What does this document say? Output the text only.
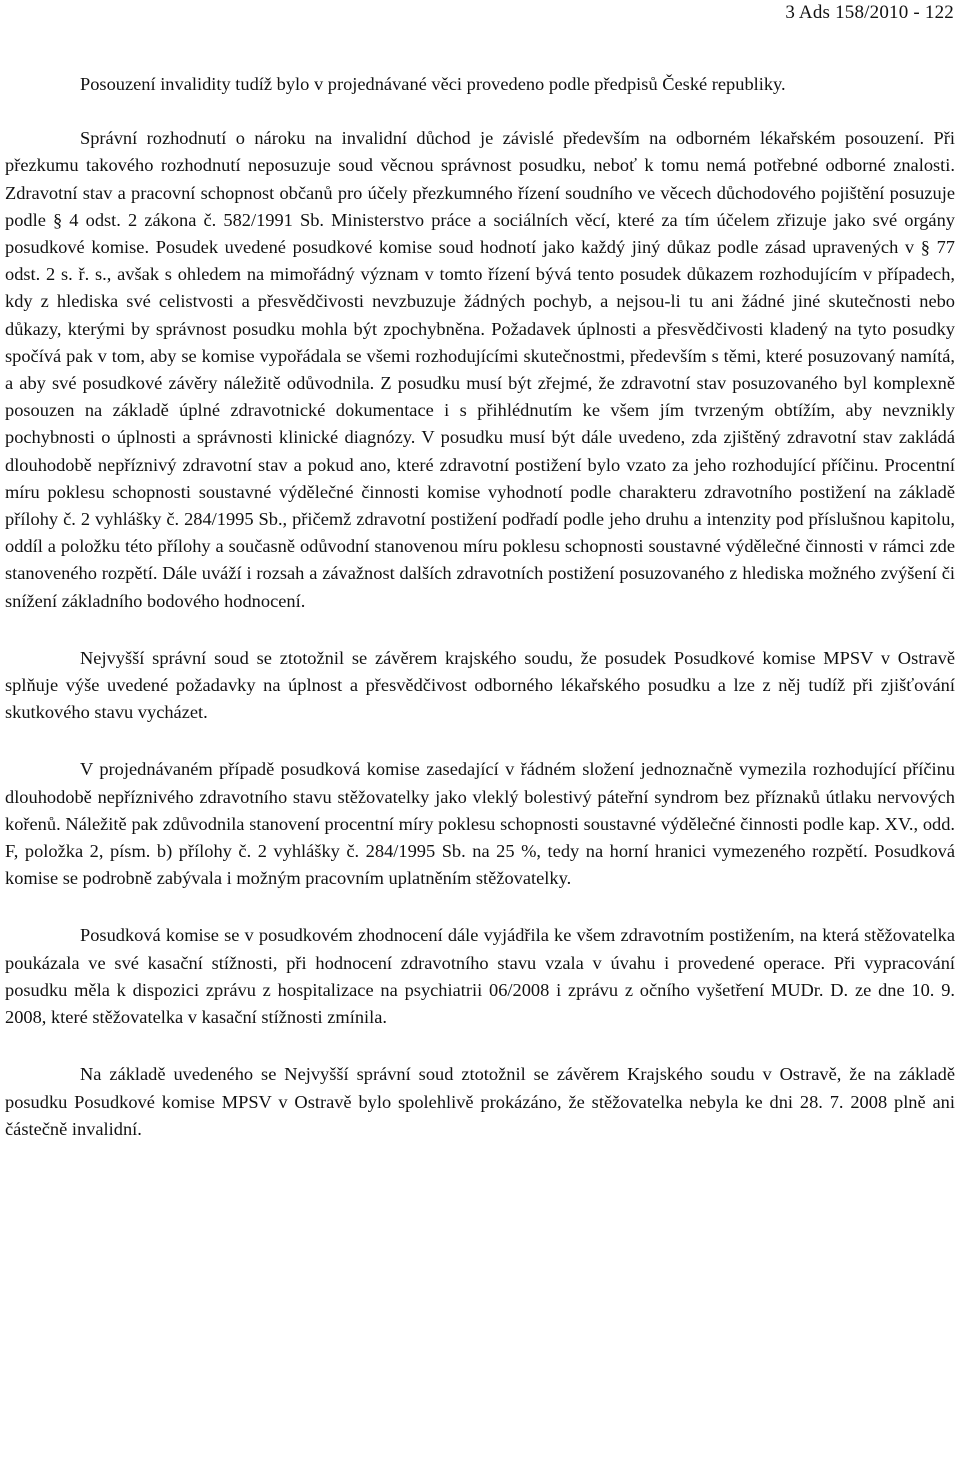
3 Ads 158/2010 - 122

Posouzení invalidity tudíž bylo v projednávané věci provedeno podle předpisů České republiky.

Správní rozhodnutí o nároku na invalidní důchod je závislé především na odborném lékařském posouzení. Při přezkumu takového rozhodnutí neposuzuje soud věcnou správnost posudku, neboť k tomu nemá potřebné odborné znalosti. Zdravotní stav a pracovní schopnost občanů pro účely přezkumného řízení soudního ve věcech důchodového pojištění posuzuje podle § 4 odst. 2 zákona č. 582/1991 Sb. Ministerstvo práce a sociálních věcí, které za tím účelem zřizuje jako své orgány posudkové komise. Posudek uvedené posudkové komise soud hodnotí jako každý jiný důkaz podle zásad upravených v § 77 odst. 2 s. ř. s., avšak s ohledem na mimořádný význam v tomto řízení bývá tento posudek důkazem rozhodujícím v případech, kdy z hlediska své celistvosti a přesvědčivosti nevzbuzuje žádných pochyb, a nejsou-li tu ani žádné jiné skutečnosti nebo důkazy, kterými by správnost posudku mohla být zpochybněna. Požadavek úplnosti a přesvědčivosti kladený na tyto posudky spočívá pak v tom, aby se komise vypořádala se všemi rozhodujícími skutečnostmi, především s těmi, které posuzovaný namítá, a aby své posudkové závěry náležitě odůvodnila. Z posudku musí být zřejmé, že zdravotní stav posuzovaného byl komplexně posouzen na základě úplné zdravotnické dokumentace i s přihlédnutím ke všem jím tvrzeným obtížím, aby nevznikly pochybnosti o úplnosti a správnosti klinické diagnózy. V posudku musí být dále uvedeno, zda zjištěný zdravotní stav zakládá dlouhodobě nepříznivý zdravotní stav a pokud ano, které zdravotní postižení bylo vzato za jeho rozhodující příčinu. Procentní míru poklesu schopnosti soustavné výdělečné činnosti komise vyhodnotí podle charakteru zdravotního postižení na základě přílohy č. 2 vyhlášky č. 284/1995 Sb., přičemž zdravotní postižení podřadí podle jeho druhu a intenzity pod příslušnou kapitolu, oddíl a položku této přílohy a současně odůvodní stanovenou míru poklesu schopnosti soustavné výdělečné činnosti v rámci zde stanoveného rozpětí. Dále uváží i rozsah a závažnost dalších zdravotních postižení posuzovaného z hlediska možného zvýšení či snížení základního bodového hodnocení.

Nejvyšší správní soud se ztotožnil se závěrem krajského soudu, že posudek Posudkové komise MPSV v Ostravě splňuje výše uvedené požadavky na úplnost a přesvědčivost odborného lékařského posudku a lze z něj tudíž při zjišťování skutkového stavu vycházet.

V projednávaném případě posudková komise zasedající v řádném složení jednoznačně vymezila rozhodující příčinu dlouhodobě nepříznivého zdravotního stavu stěžovatelky jako vleklý bolestivý páteřní syndrom bez příznaků útlaku nervových kořenů. Náležitě pak zdůvodnila stanovení procentní míry poklesu schopnosti soustavné výdělečné činnosti podle kap. XV., odd. F, položka 2, písm. b) přílohy č. 2 vyhlášky č. 284/1995 Sb. na 25 %, tedy na horní hranici vymezeného rozpětí. Posudková komise se podrobně zabývala i možným pracovním uplatněním stěžovatelky.

Posudková komise se v posudkovém zhodnocení dále vyjádřila ke všem zdravotním postižením, na která stěžovatelka poukázala ve své kasační stížnosti, při hodnocení zdravotního stavu vzala v úvahu i provedené operace. Při vypracování posudku měla k dispozici zprávu z hospitalizace na psychiatrii 06/2008 i zprávu z očního vyšetření MUDr. D. ze dne 10. 9. 2008, které stěžovatelka v kasační stížnosti zmínila.

Na základě uvedeného se Nejvyšší správní soud ztotožnil se závěrem Krajského soudu v Ostravě, že na základě posudku Posudkové komise MPSV v Ostravě bylo spolehlivě prokázáno, že stěžovatelka nebyla ke dni 28. 7. 2008 plně ani částečně invalidní.
